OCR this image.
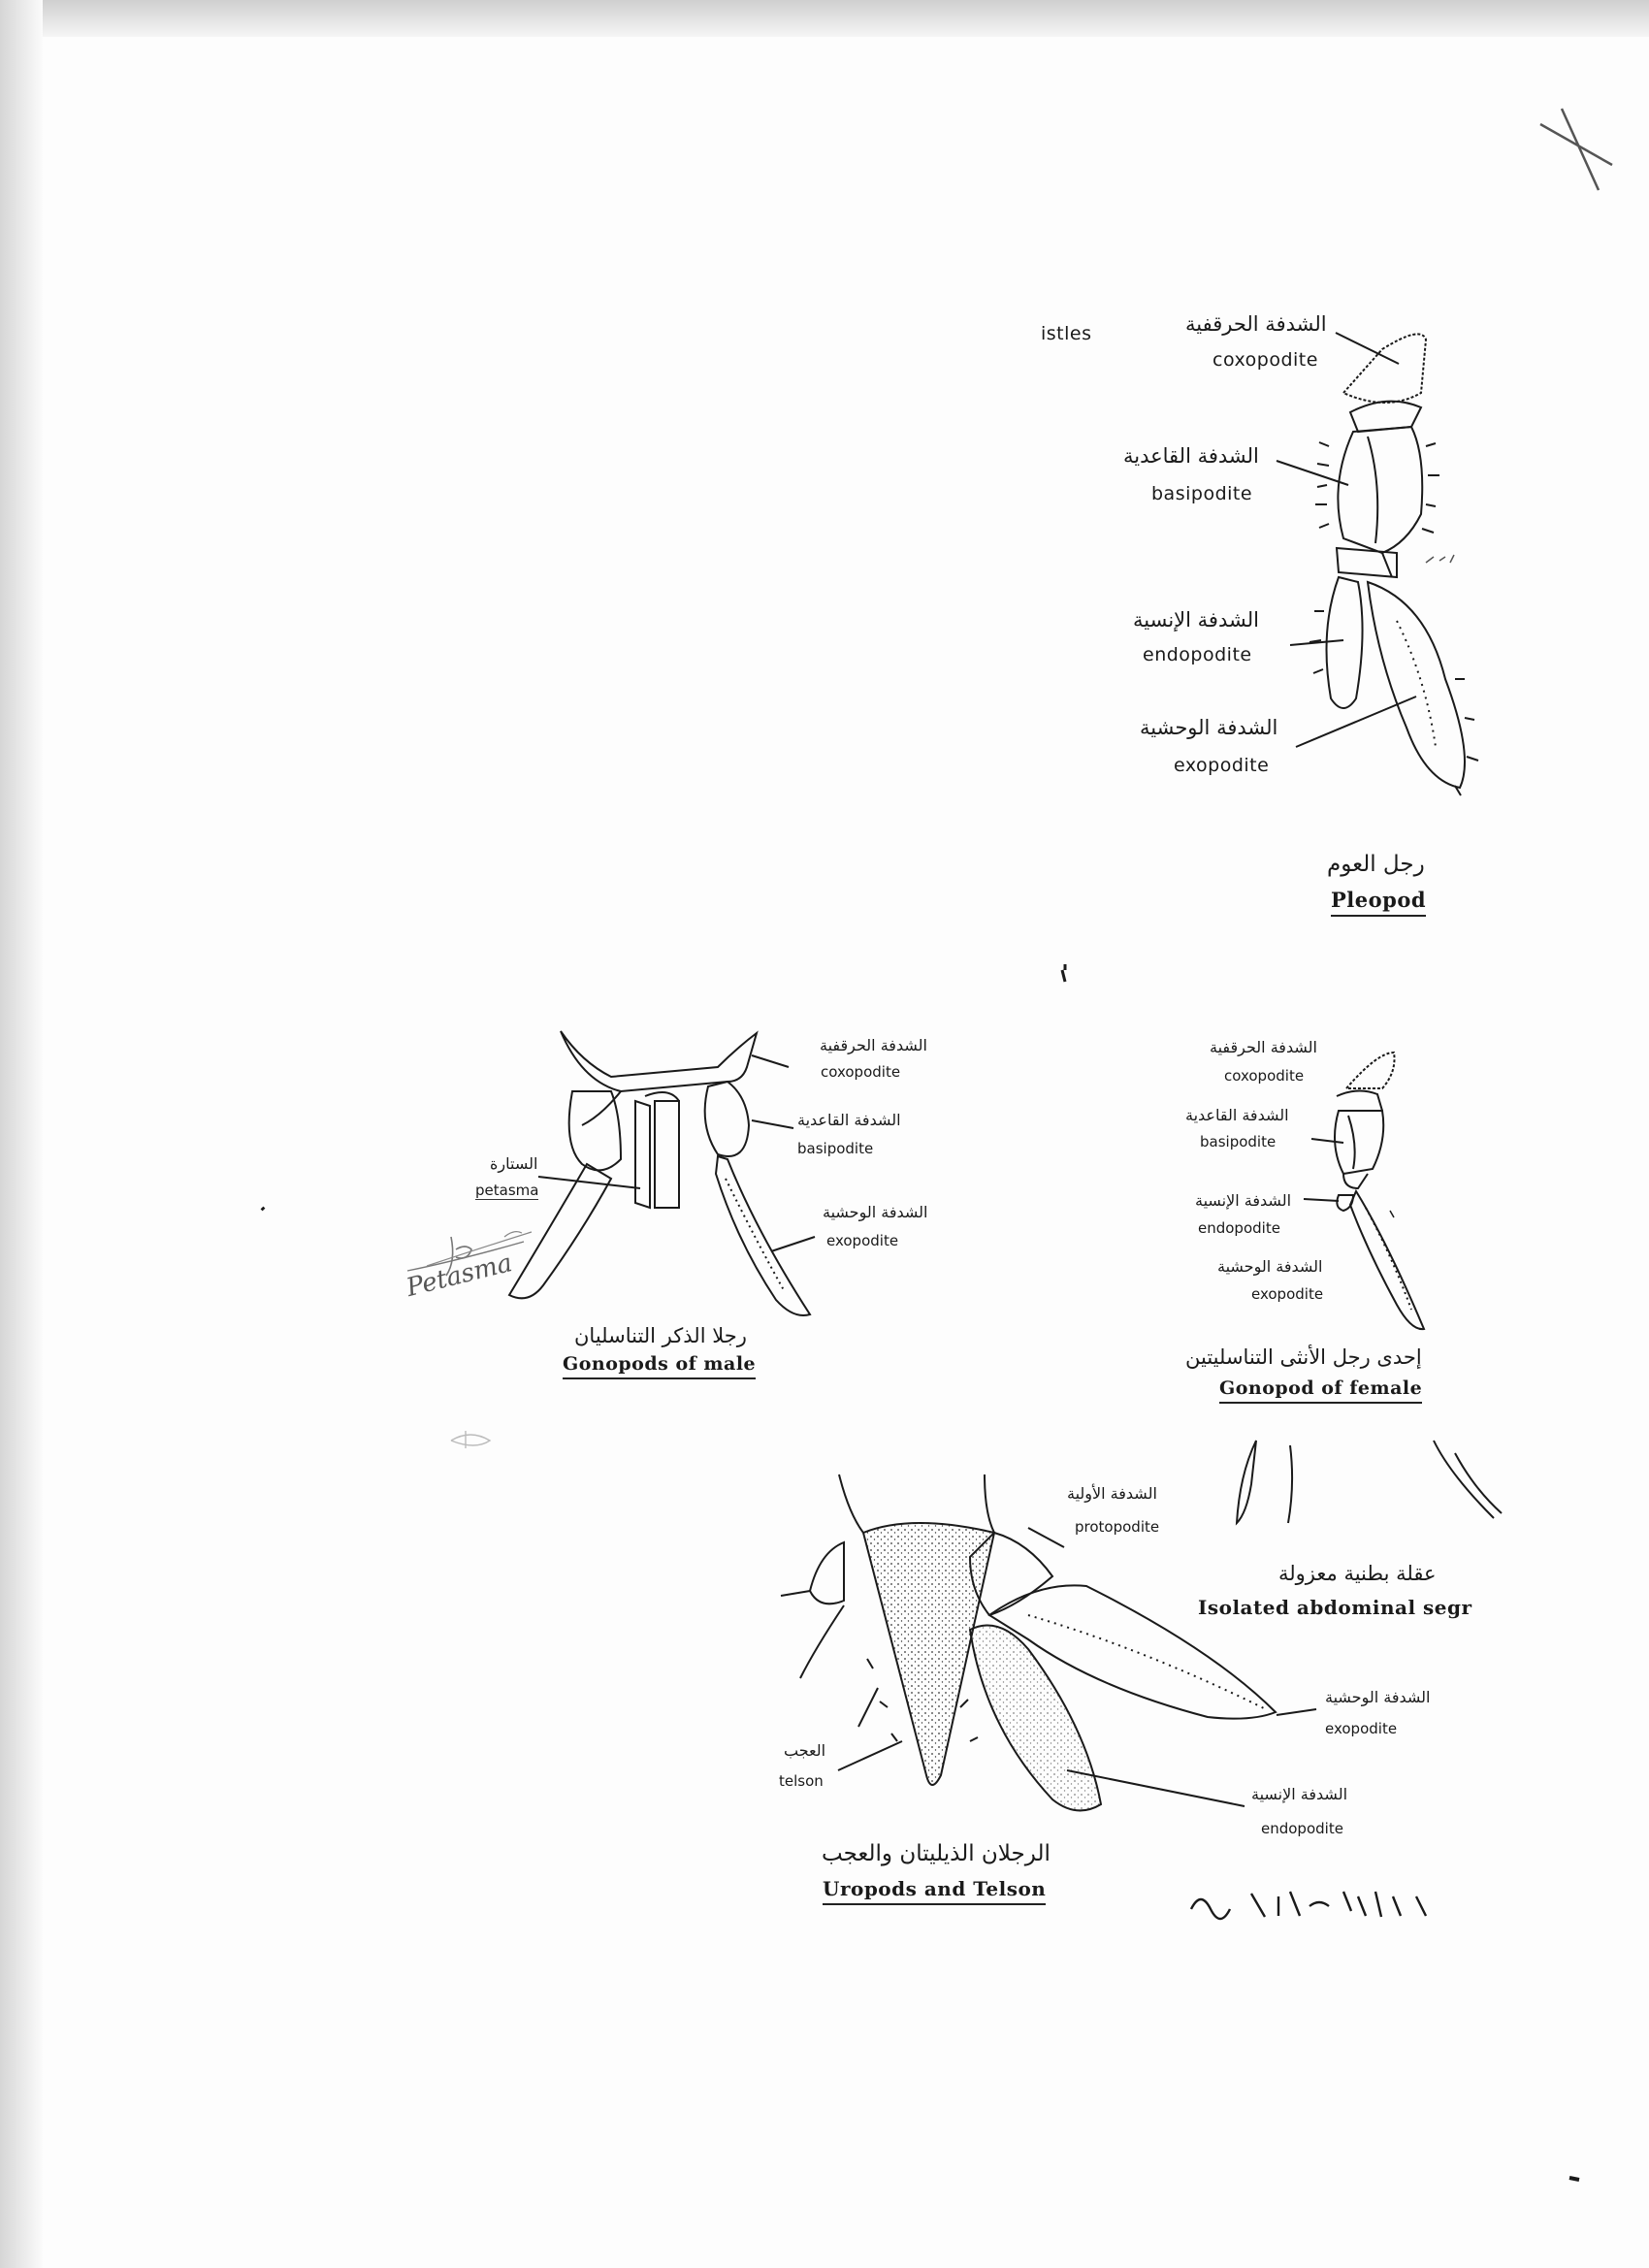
istles	الشدفة الحرقفية
coxopodite
الشدفة القاعدية
basipodite
الشدفة الإنسية
endopodite
الشدفة الوحشية
exopodite
رجل العوم
Pleopod
الشدفة الحرقفية
coxopodite
الشدفة القاعدية
basipodite
الستارة
petasma
الشدفة الوحشية
exopodite
Petasma
رجلا الذكر التناسليان
Gonopods of male
الشدفة الحرقفية
coxopodite
الشدفة القاعدية
basipodite
الشدفة الإنسية
endopodite
الشدفة الوحشية
exopodite
إحدى رجل الأنثى التناسليتين
Gonopod of female
عقلة بطنية معزولة
Isolated abdominal segr
الشدفة الأولية
protopodite
الشدفة الوحشية
exopodite
الشدفة الإنسية
endopodite
العجب
telson
الرجلان الذيليتان والعجب
Uropods and Telson
